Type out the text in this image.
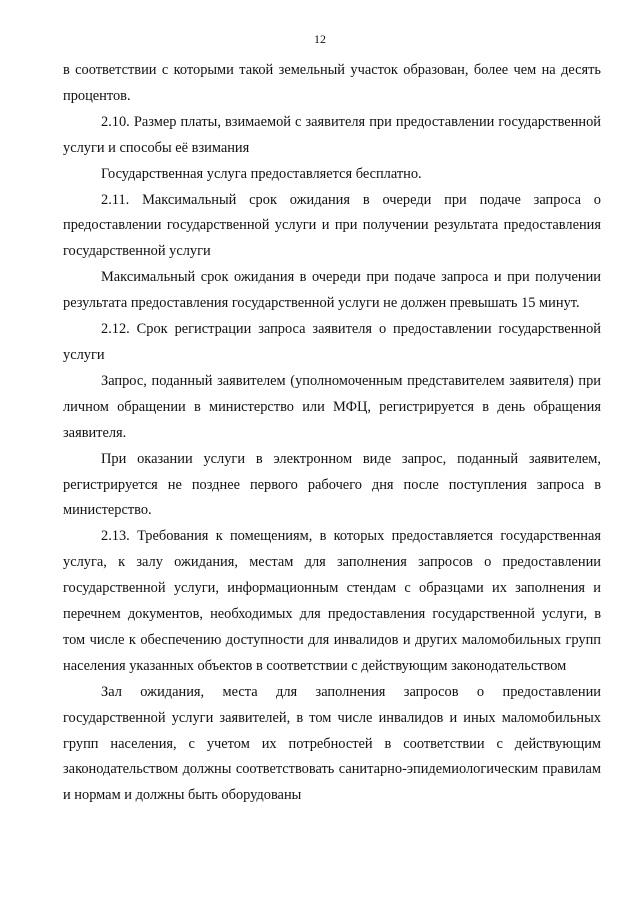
12

в соответствии с которыми такой земельный участок образован, более чем на десять процентов.

2.10. Размер платы, взимаемой с заявителя при предоставлении государственной услуги и способы её взимания

Государственная услуга предоставляется бесплатно.

2.11. Максимальный срок ожидания в очереди при подаче запроса о предоставлении государственной услуги и при получении результата предоставления государственной услуги

Максимальный срок ожидания в очереди при подаче запроса и при получении результата предоставления государственной услуги не должен превышать 15 минут.

2.12. Срок регистрации запроса заявителя о предоставлении государственной услуги

Запрос, поданный заявителем (уполномоченным представителем заявителя) при личном обращении в министерство или МФЦ, регистрируется в день обращения заявителя.

При оказании услуги в электронном виде запрос, поданный заявителем, регистрируется не позднее первого рабочего дня после поступления запроса в министерство.

2.13. Требования к помещениям, в которых предоставляется государственная услуга, к залу ожидания, местам для заполнения запросов о предоставлении государственной услуги, информационным стендам с образцами их заполнения и перечнем документов, необходимых для предоставления государственной услуги, в том числе к обеспечению доступности для инвалидов и других маломобильных групп населения указанных объектов в соответствии с действующим законодательством

Зал ожидания, места для заполнения запросов о предоставлении государственной услуги заявителей, в том числе инвалидов и иных маломобильных групп населения, с учетом их потребностей в соответствии с действующим законодательством должны соответствовать санитарно-эпидемиологическим правилам и нормам и должны быть оборудованы
